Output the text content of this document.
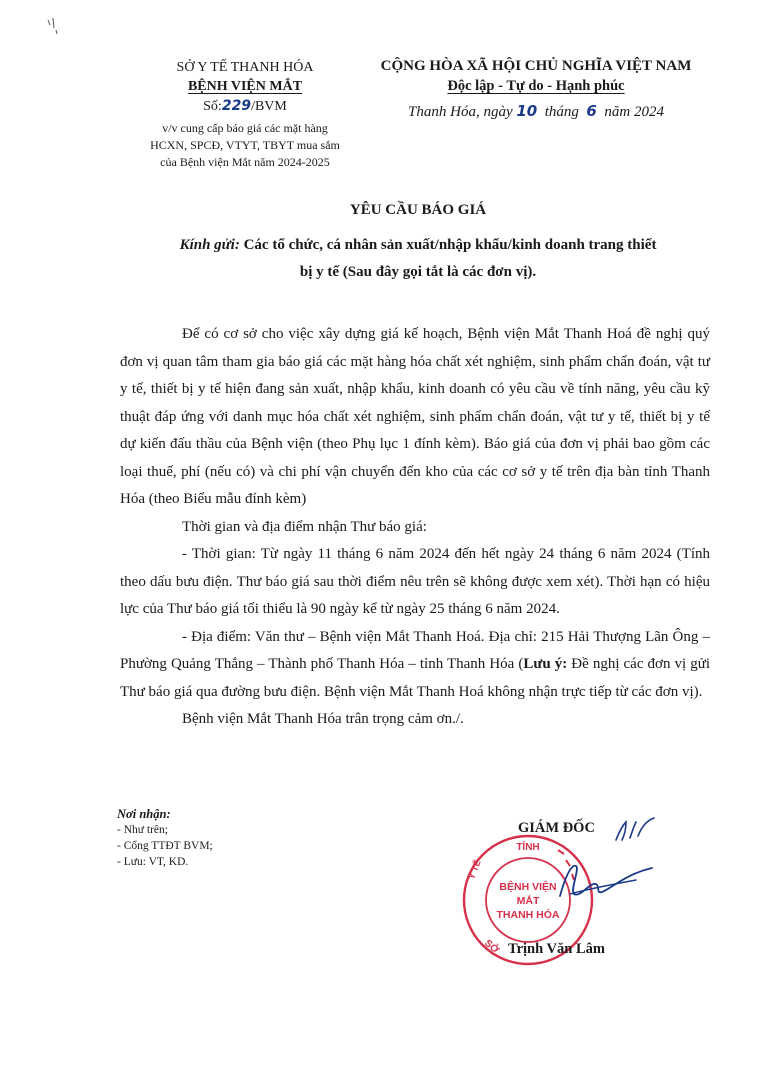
SỞ Y TẾ THANH HÓA
BỆNH VIỆN MẮT
Số:229/BVM
v/v cung cấp báo giá các mặt hàng
HCXN, SPCĐ, VTYT, TBYT mua sắm
của Bệnh viện Mắt năm 2024-2025
CỘNG HÒA XÃ HỘI CHỦ NGHĨA VIỆT NAM
Độc lập - Tự do - Hạnh phúc
Thanh Hóa, ngày 10 tháng 6 năm 2024
YÊU CẦU BÁO GIÁ
Kính gửi: Các tổ chức, cá nhân sản xuất/nhập khẩu/kinh doanh trang thiết
bị y tế (Sau đây gọi tắt là các đơn vị).

Để có cơ sở cho việc xây dựng giá kế hoạch, Bệnh viện Mắt Thanh Hoá đề nghị quý đơn vị quan tâm tham gia báo giá các mặt hàng hóa chất xét nghiệm, sinh phẩm chẩn đoán, vật tư y tế, thiết bị y tế hiện đang sản xuất, nhập khẩu, kinh doanh có yêu cầu về tính năng, yêu cầu kỹ thuật đáp ứng với danh mục hóa chất xét nghiệm, sinh phẩm chẩn đoán, vật tư y tế, thiết bị y tế dự kiến đấu thầu của Bệnh viện (theo Phụ lục 1 đính kèm). Báo giá của đơn vị phải bao gồm các loại thuế, phí (nếu có) và chi phí vận chuyển đến kho của các cơ sở y tế trên địa bàn tỉnh Thanh Hóa (theo Biểu mẫu đính kèm)

Thời gian và địa điểm nhận Thư báo giá:

- Thời gian: Từ ngày 11 tháng 6 năm 2024 đến hết ngày 24 tháng 6 năm 2024 (Tính theo dấu bưu điện. Thư báo giá sau thời điểm nêu trên sẽ không được xem xét). Thời hạn có hiệu lực của Thư báo giá tối thiểu là 90 ngày kể từ ngày 25 tháng 6 năm 2024.

- Địa điểm: Văn thư – Bệnh viện Mắt Thanh Hoá. Địa chỉ: 215 Hải Thượng Lãn Ông – Phường Quảng Thắng – Thành phố Thanh Hóa – tỉnh Thanh Hóa (Lưu ý: Đề nghị các đơn vị gửi Thư báo giá qua đường bưu điện. Bệnh viện Mắt Thanh Hoá không nhận trực tiếp từ các đơn vị).

Bệnh viện Mắt Thanh Hóa trân trọng cảm ơn./.

Nơi nhận:
- Như trên;
- Cổng TTĐT BVM;
- Lưu: VT, KD.
GIÁM ĐỐC
TỈNH
Y TẾ
SỞ
BỆNH VIỆN
MẮT
THANH HÓA
Trịnh Văn Lâm
